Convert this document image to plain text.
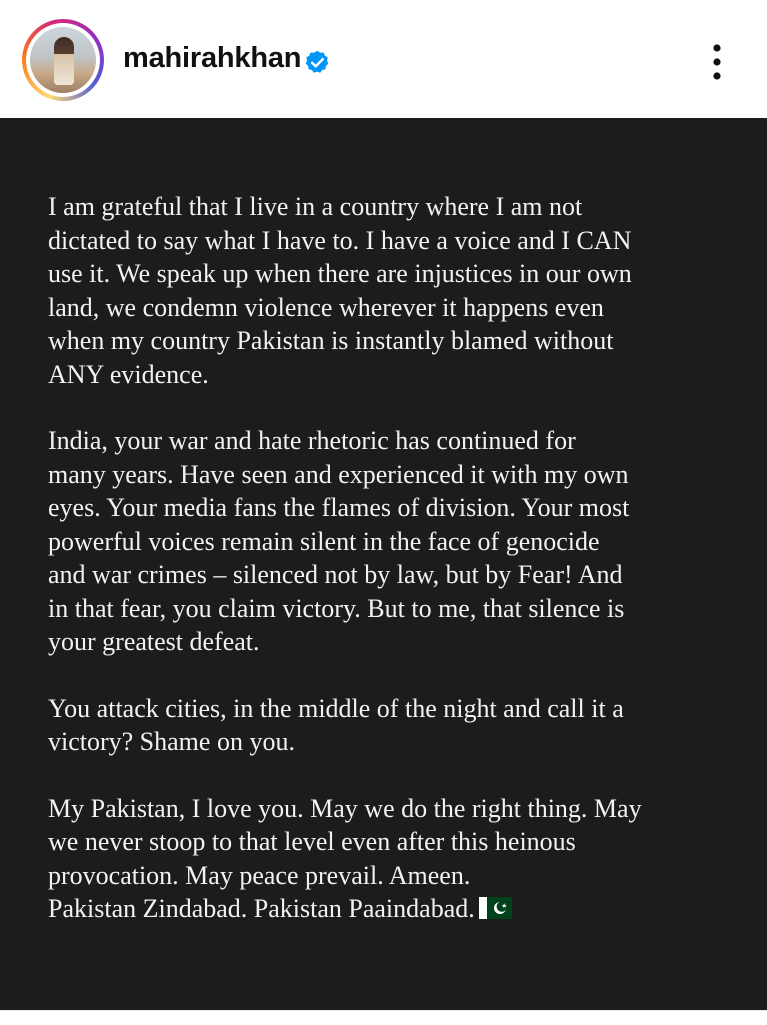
mahirahkhan

I am grateful that I live in a country where I am not
dictated to say what I have to. I have a voice and I CAN
use it. We speak up when there are injustices in our own
land, we condemn violence wherever it happens even
when my country Pakistan is instantly blamed without
ANY evidence.

India, your war and hate rhetoric has continued for
many years. Have seen and experienced it with my own
eyes. Your media fans the flames of division. Your most
powerful voices remain silent in the face of genocide
and war crimes – silenced not by law, but by Fear! And
in that fear, you claim victory. But to me, that silence is
your greatest defeat.

You attack cities, in the middle of the night and call it a
victory? Shame on you.

My Pakistan, I love you. May we do the right thing. May
we never stoop to that level even after this heinous
provocation. May peace prevail. Ameen.
Pakistan Zindabad. Pakistan Paaindabad.
